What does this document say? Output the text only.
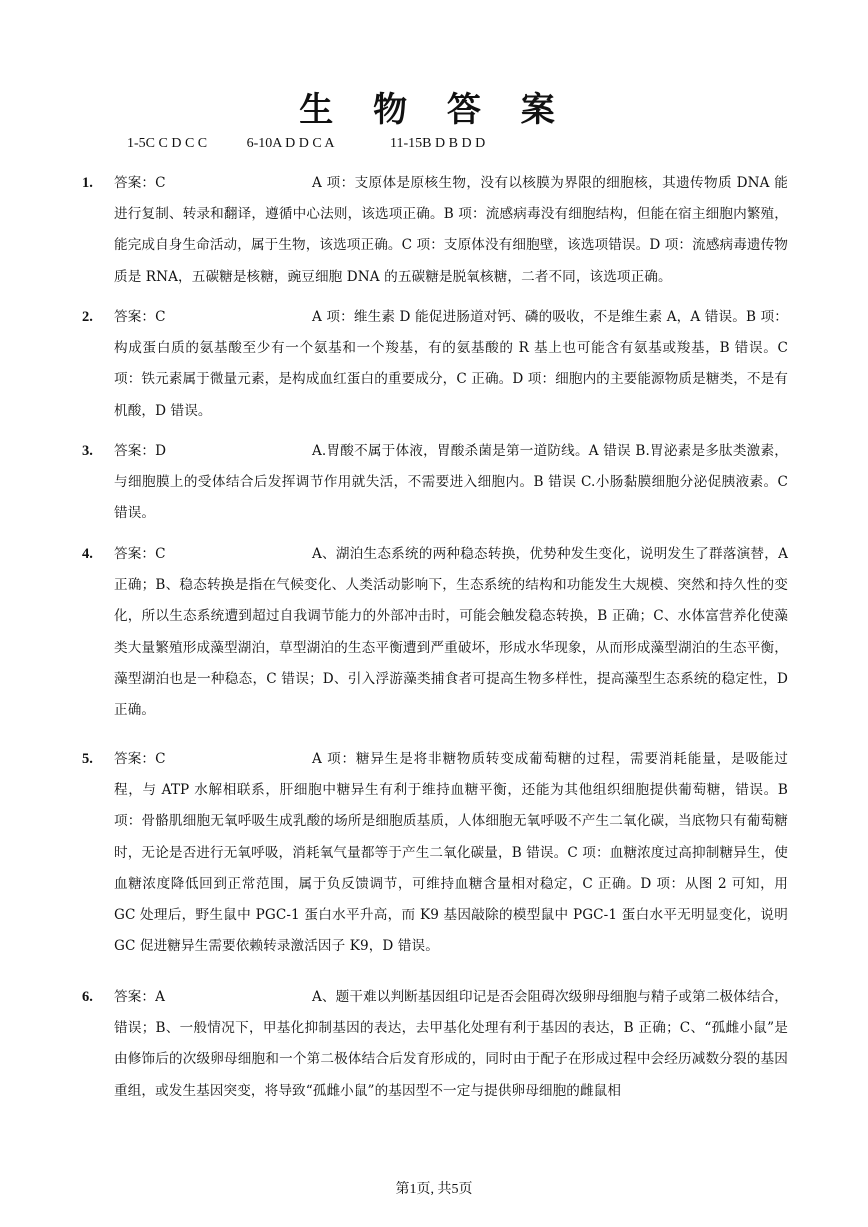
生 物 答 案
1-5C C D C C	6-10A D D C A	11-15B D B D D
1.	答案：C	A 项：支原体是原核生物，没有以核膜为界限的细胞核，其遗传物质 DNA 能进行复制、转录和翻译，遵循中心法则，该选项正确。B 项：流感病毒没有细胞结构，但能在宿主细胞内繁殖，能完成自身生命活动，属于生物，该选项正确。C 项：支原体没有细胞壁，该选项错误。D 项：流感病毒遗传物质是 RNA，五碳糖是核糖，豌豆细胞 DNA 的五碳糖是脱氧核糖，二者不同，该选项正确。
2.	答案：C	A 项：维生素 D 能促进肠道对钙、磷的吸收，不是维生素 A，A 错误。B 项：构成蛋白质的氨基酸至少有一个氨基和一个羧基，有的氨基酸的 R 基上也可能含有氨基或羧基，B 错误。C 项：铁元素属于微量元素，是构成血红蛋白的重要成分，C 正确。D 项：细胞内的主要能源物质是糖类，不是有机酸，D 错误。
3.	答案：D	A.胃酸不属于体液，胃酸杀菌是第一道防线。A 错误 B.胃泌素是多肽类激素，与细胞膜上的受体结合后发挥调节作用就失活，不需要进入细胞内。B 错误 C.小肠黏膜细胞分泌促胰液素。C 错误。
4.	答案：C	A、湖泊生态系统的两种稳态转换，优势种发生变化，说明发生了群落演替，A 正确；B、稳态转换是指在气候变化、人类活动影响下，生态系统的结构和功能发生大规模、突然和持久性的变化，所以生态系统遭到超过自我调节能力的外部冲击时，可能会触发稳态转换，B 正确；C、水体富营养化使藻类大量繁殖形成藻型湖泊，草型湖泊的生态平衡遭到严重破坏，形成水华现象，从而形成藻型湖泊的生态平衡，藻型湖泊也是一种稳态，C 错误；D、引入浮游藻类捕食者可提高生物多样性，提高藻型生态系统的稳定性，D 正确。
5.	答案：C	A 项：糖异生是将非糖物质转变成葡萄糖的过程，需要消耗能量，是吸能过程，与 ATP 水解相联系，肝细胞中糖异生有利于维持血糖平衡，还能为其他组织细胞提供葡萄糖，错误。B 项：骨骼肌细胞无氧呼吸生成乳酸的场所是细胞质基质，人体细胞无氧呼吸不产生二氧化碳，当底物只有葡萄糖时，无论是否进行无氧呼吸，消耗氧气量都等于产生二氧化碳量，B 错误。C 项：血糖浓度过高抑制糖异生，使血糖浓度降低回到正常范围，属于负反馈调节，可维持血糖含量相对稳定，C 正确。D 项：从图 2 可知，用 GC 处理后，野生鼠中 PGC-1 蛋白水平升高，而 K9 基因敲除的模型鼠中 PGC-1 蛋白水平无明显变化，说明 GC 促进糖异生需要依赖转录激活因子 K9，D 错误。
6.	答案：A	A、题干难以判断基因组印记是否会阻碍次级卵母细胞与精子或第二极体结合，错误；B、一般情况下，甲基化抑制基因的表达，去甲基化处理有利于基因的表达，B 正确；C、“孤雌小鼠”是由修饰后的次级卵母细胞和一个第二极体结合后发育形成的，同时由于配子在形成过程中会经历减数分裂的基因重组，或发生基因突变，将导致“孤雌小鼠”的基因型不一定与提供卵母细胞的雌鼠相
第1页, 共5页
